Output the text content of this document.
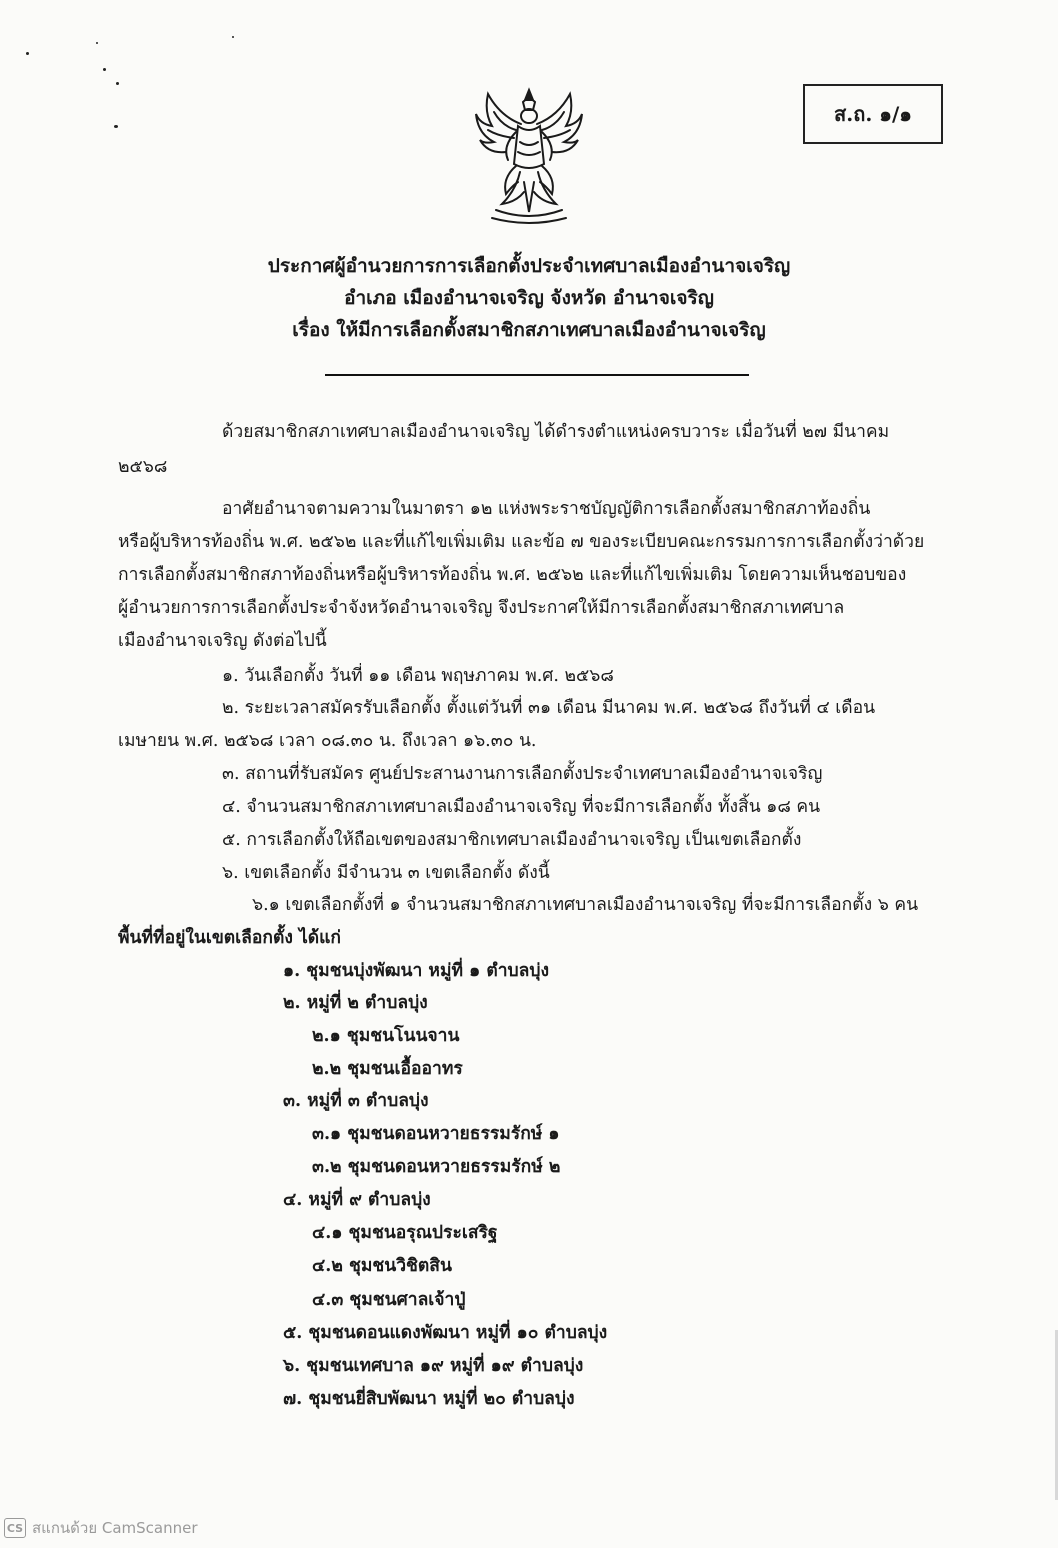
ส.ถ. ๑/๑
ประกาศผู้อำนวยการการเลือกตั้งประจำเทศบาลเมืองอำนาจเจริญ
อำเภอ เมืองอำนาจเจริญ จังหวัด อำนาจเจริญ
เรื่อง ให้มีการเลือกตั้งสมาชิกสภาเทศบาลเมืองอำนาจเจริญ
ด้วยสมาชิกสภาเทศบาลเมืองอำนาจเจริญ ได้ดำรงตำแหน่งครบวาระ เมื่อวันที่ ๒๗ มีนาคม
๒๕๖๘
อาศัยอำนาจตามความในมาตรา ๑๒ แห่งพระราชบัญญัติการเลือกตั้งสมาชิกสภาท้องถิ่น
หรือผู้บริหารท้องถิ่น พ.ศ. ๒๕๖๒ และที่แก้ไขเพิ่มเติม และข้อ ๗ ของระเบียบคณะกรรมการการเลือกตั้งว่าด้วย
การเลือกตั้งสมาชิกสภาท้องถิ่นหรือผู้บริหารท้องถิ่น พ.ศ. ๒๕๖๒ และที่แก้ไขเพิ่มเติม โดยความเห็นชอบของ
ผู้อำนวยการการเลือกตั้งประจำจังหวัดอำนาจเจริญ จึงประกาศให้มีการเลือกตั้งสมาชิกสภาเทศบาล
เมืองอำนาจเจริญ ดังต่อไปนี้
๑. วันเลือกตั้ง วันที่ ๑๑ เดือน พฤษภาคม พ.ศ. ๒๕๖๘
๒. ระยะเวลาสมัครรับเลือกตั้ง ตั้งแต่วันที่ ๓๑ เดือน มีนาคม พ.ศ. ๒๕๖๘ ถึงวันที่ ๔ เดือน
เมษายน พ.ศ. ๒๕๖๘ เวลา ๐๘.๓๐ น. ถึงเวลา ๑๖.๓๐ น.
๓. สถานที่รับสมัคร ศูนย์ประสานงานการเลือกตั้งประจำเทศบาลเมืองอำนาจเจริญ
๔. จำนวนสมาชิกสภาเทศบาลเมืองอำนาจเจริญ ที่จะมีการเลือกตั้ง ทั้งสิ้น ๑๘ คน
๕. การเลือกตั้งให้ถือเขตของสมาชิกเทศบาลเมืองอำนาจเจริญ เป็นเขตเลือกตั้ง
๖. เขตเลือกตั้ง มีจำนวน ๓ เขตเลือกตั้ง ดังนี้
๖.๑ เขตเลือกตั้งที่ ๑ จำนวนสมาชิกสภาเทศบาลเมืองอำนาจเจริญ ที่จะมีการเลือกตั้ง ๖ คน
พื้นที่ที่อยู่ในเขตเลือกตั้ง ได้แก่
๑. ชุมชนบุ่งพัฒนา หมู่ที่ ๑ ตำบลบุ่ง
๒. หมู่ที่ ๒ ตำบลบุ่ง
๒.๑ ชุมชนโนนจาน
๒.๒ ชุมชนเอื้ออาทร
๓. หมู่ที่ ๓ ตำบลบุ่ง
๓.๑ ชุมชนดอนหวายธรรมรักษ์ ๑
๓.๒ ชุมชนดอนหวายธรรมรักษ์ ๒
๔. หมู่ที่ ๙ ตำบลบุ่ง
๔.๑ ชุมชนอรุณประเสริฐ
๔.๒ ชุมชนวิชิตสิน
๔.๓ ชุมชนศาลเจ้าปู่
๕. ชุมชนดอนแดงพัฒนา หมู่ที่ ๑๐ ตำบลบุ่ง
๖. ชุมชนเทศบาล ๑๙ หมู่ที่ ๑๙ ตำบลบุ่ง
๗. ชุมชนยี่สิบพัฒนา หมู่ที่ ๒๐ ตำบลบุ่ง
CS สแกนด้วย CamScanner
